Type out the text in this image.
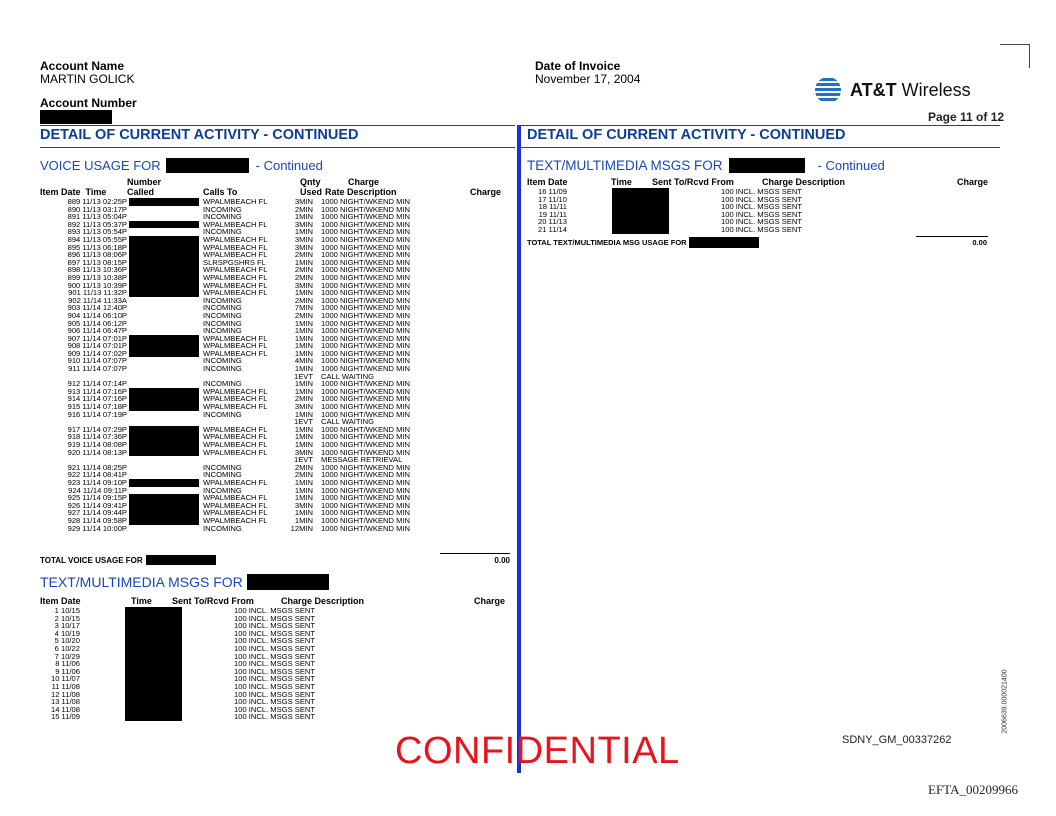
Account Name
MARTIN GOLICK
Account Number
Date of Invoice
November 17, 2004
AT&T Wireless
Page 11 of 12
DETAIL OF CURRENT ACTIVITY - CONTINUED	DETAIL OF CURRENT ACTIVITY - CONTINUED
VOICE USAGE FOR	- Continued
Number	Qnty	Charge
Item Date  Time Called	Calls To	Used Rate Description	Charge
889 11/13 02:25P	WPALMBEACH FL	3MIN	1000 NIGHT/WKEND MIN
890 11/13 03:17P	INCOMING	2MIN	1000 NIGHT/WKEND MIN
891 11/13 05:04P	INCOMING	1MIN	1000 NIGHT/WKEND MIN
892 11/13 05:37P	WPALMBEACH FL	3MIN	1000 NIGHT/WKEND MIN
893 11/13 05:54P	INCOMING	1MIN	1000 NIGHT/WKEND MIN
894 11/13 05:55P	WPALMBEACH FL	3MIN	1000 NIGHT/WKEND MIN
895 11/13 06:18P	WPALMBEACH FL	3MIN	1000 NIGHT/WKEND MIN
896 11/13 08:06P	WPALMBEACH FL	2MIN	1000 NIGHT/WKEND MIN
897 11/13 08:15P	SLRSPGSHRS FL	1MIN	1000 NIGHT/WKEND MIN
898 11/13 10:36P	WPALMBEACH FL	2MIN	1000 NIGHT/WKEND MIN
899 11/13 10:38P	WPALMBEACH FL	2MIN	1000 NIGHT/WKEND MIN
900 11/13 10:39P	WPALMBEACH FL	3MIN	1000 NIGHT/WKEND MIN
901 11/13 11:32P	WPALMBEACH FL	1MIN	1000 NIGHT/WKEND MIN
902 11/14 11:33A	INCOMING	2MIN	1000 NIGHT/WKEND MIN
903 11/14 12:40P	INCOMING	7MIN	1000 NIGHT/WKEND MIN
904 11/14 06:10P	INCOMING	2MIN	1000 NIGHT/WKEND MIN
905 11/14 06:12P	INCOMING	1MIN	1000 NIGHT/WKEND MIN
906 11/14 06:47P	INCOMING	1MIN	1000 NIGHT/WKEND MIN
907 11/14 07:01P	WPALMBEACH FL	1MIN	1000 NIGHT/WKEND MIN
908 11/14 07:01P	WPALMBEACH FL	1MIN	1000 NIGHT/WKEND MIN
909 11/14 07:02P	WPALMBEACH FL	1MIN	1000 NIGHT/WKEND MIN
910 11/14 07:07P	INCOMING	4MIN	1000 NIGHT/WKEND MIN
911 11/14 07:07P	INCOMING	1MIN	1000 NIGHT/WKEND MIN
1EVT	CALL WAITING
912 11/14 07:14P	INCOMING	1MIN	1000 NIGHT/WKEND MIN
913 11/14 07:16P	WPALMBEACH FL	1MIN	1000 NIGHT/WKEND MIN
914 11/14 07:16P	WPALMBEACH FL	2MIN	1000 NIGHT/WKEND MIN
915 11/14 07:18P	WPALMBEACH FL	3MIN	1000 NIGHT/WKEND MIN
916 11/14 07:19P	INCOMING	1MIN	1000 NIGHT/WKEND MIN
1EVT	CALL WAITING
917 11/14 07:29P	WPALMBEACH FL	1MIN	1000 NIGHT/WKEND MIN
918 11/14 07:36P	WPALMBEACH FL	1MIN	1000 NIGHT/WKEND MIN
919 11/14 08:08P	WPALMBEACH FL	1MIN	1000 NIGHT/WKEND MIN
920 11/14 08:13P	WPALMBEACH FL	3MIN	1000 NIGHT/WKEND MIN
1EVT	MESSAGE RETRIEVAL
921 11/14 08:25P	INCOMING	2MIN	1000 NIGHT/WKEND MIN
922 11/14 08:41P	INCOMING	2MIN	1000 NIGHT/WKEND MIN
923 11/14 09:10P	WPALMBEACH FL	1MIN	1000 NIGHT/WKEND MIN
924 11/14 09:11P	INCOMING	1MIN	1000 NIGHT/WKEND MIN
925 11/14 09:15P	WPALMBEACH FL	1MIN	1000 NIGHT/WKEND MIN
926 11/14 09:41P	WPALMBEACH FL	3MIN	1000 NIGHT/WKEND MIN
927 11/14 09:44P	WPALMBEACH FL	1MIN	1000 NIGHT/WKEND MIN
928 11/14 09:58P	WPALMBEACH FL	1MIN	1000 NIGHT/WKEND MIN
929 11/14 10:00P	INCOMING	12MIN	1000 NIGHT/WKEND MIN
TOTAL VOICE USAGE FOR	0.00
TEXT/MULTIMEDIA MSGS FOR
Item Date	Time Sent To/Rcvd From	Charge Description	Charge
1 10/15	100 INCL. MSGS SENT
2 10/15	100 INCL. MSGS SENT
3 10/17	100 INCL. MSGS SENT
4 10/19	100 INCL. MSGS SENT
5 10/20	100 INCL. MSGS SENT
6 10/22	100 INCL. MSGS SENT
7 10/29	100 INCL. MSGS SENT
8 11/06	100 INCL. MSGS SENT
9 11/06	100 INCL. MSGS SENT
10 11/07	100 INCL. MSGS SENT
11 11/08	100 INCL. MSGS SENT
12 11/08	100 INCL. MSGS SENT
13 11/08	100 INCL. MSGS SENT
14 11/08	100 INCL. MSGS SENT
15 11/09	100 INCL. MSGS SENT
TEXT/MULTIMEDIA MSGS FOR	- Continued
Item Date	Time Sent To/Rcvd From	Charge Description	Charge
16 11/09	100 INCL. MSGS SENT
17 11/10	100 INCL. MSGS SENT
18 11/11	100 INCL. MSGS SENT
19 11/11	100 INCL. MSGS SENT
20 11/13	100 INCL. MSGS SENT
21 11/14	100 INCL. MSGS SENT
TOTAL TEXT/MULTIMEDIA MSG USAGE FOR	0.00
CONFIDENTIAL	SDNY_GM_00337262
EFTA_00209966
2006639.000021400
